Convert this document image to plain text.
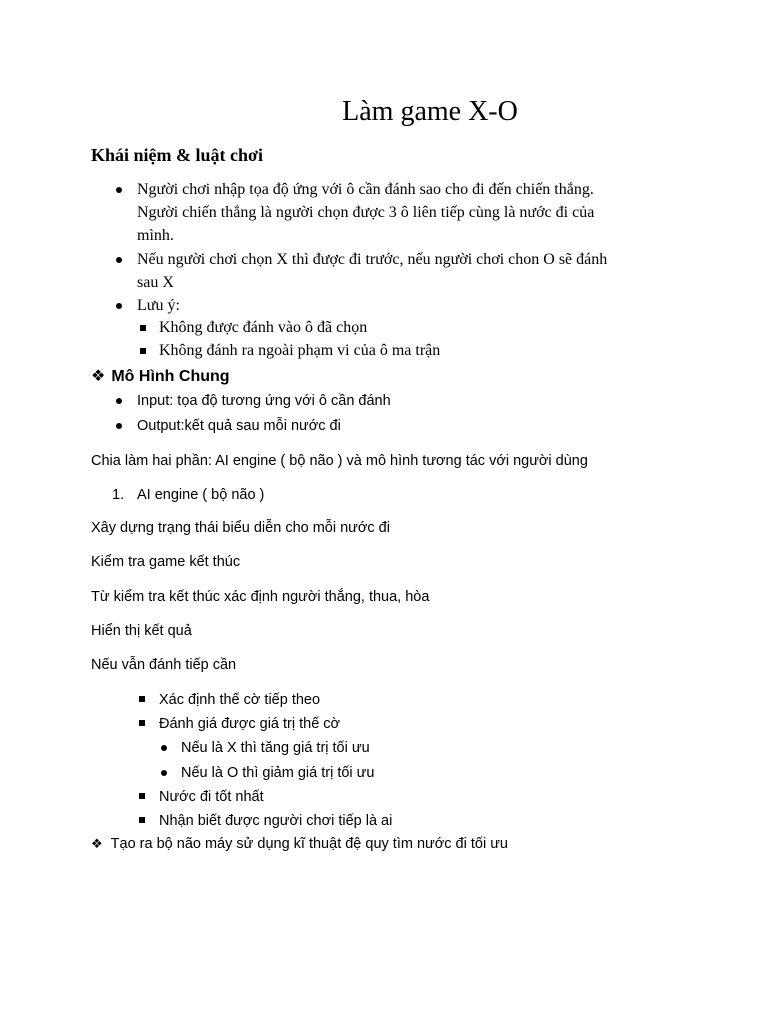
Làm game X-O
Khái niệm & luật chơi
Người chơi nhập tọa độ ứng với ô cần đánh sao cho đi đến chiến thắng.
Người chiến thắng là người chọn được 3 ô liên tiếp cùng là nước đi của
mình.
Nếu người chơi chọn X thì được đi trước, nếu người chơi chon O sẽ đánh
sau X
Lưu ý:
Không được đánh vào ô đã chọn
Không đánh ra ngoài phạm vi của ô ma trận
❖ Mô Hình Chung
Input: tọa độ tương ứng với ô cần đánh
Output:kết quả sau mỗi nước đi
Chia làm hai phần: AI engine ( bộ não ) và mô hình tương tác với người dùng
1. AI engine ( bộ não )
Xây dựng trạng thái biểu diễn cho mỗi nước đi
Kiểm tra game kết thúc
Từ kiểm tra kết thúc xác định người thắng, thua, hòa
Hiển thị kết quả
Nếu vẫn đánh tiếp cần
Xác định thế cờ tiếp theo
Đánh giá được giá trị thế cờ
Nếu là X thì tăng giá trị tối ưu
Nếu là O thì giảm giá trị tối ưu
Nước đi tốt nhất
Nhận biết được người chơi tiếp là ai
❖ Tạo ra bộ não máy sử dụng kĩ thuật đệ quy tìm nước đi tối ưu
